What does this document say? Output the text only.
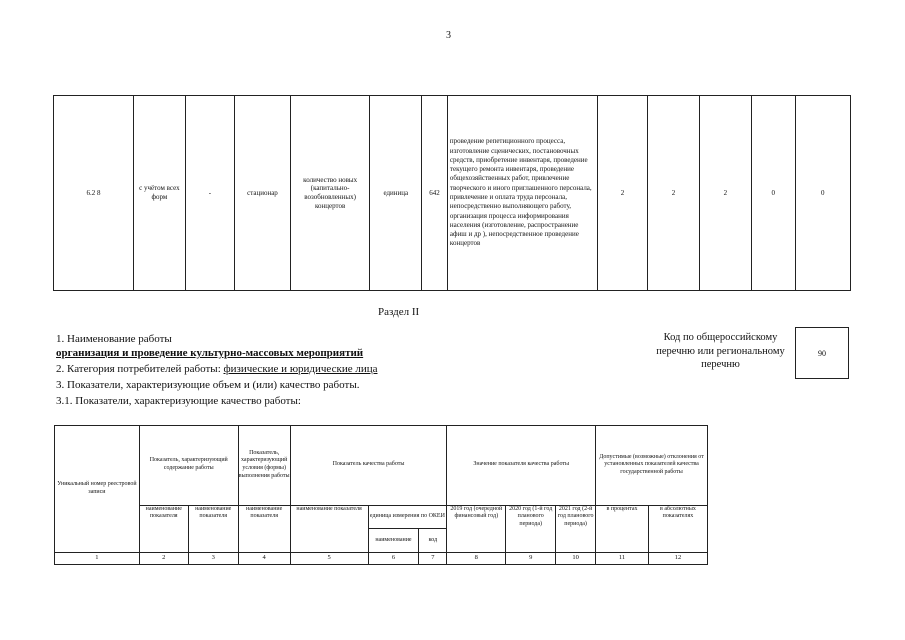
3
6.2 8	с учётом всех форм	-	стационар	количество новых (капитально-возобновленных) концертов	единица	642	проведение репетиционного процесса, изготовление сценических, постановочных средств, приобретение инвентаря, проведение текущего ремонта инвентаря, проведение общехозяйственных работ, привлечение творческого и иного приглашенного персонала, привлечение и оплата труда персонала, непосредственно выполняющего работу, организация процесса информирования населения (изготовление, распространение афиш и др ), непосредственное проведение концертов	2	2	2	0	0
Раздел II
1. Наименование работы
организация и проведение культурно-массовых мероприятий
2. Категория потребителей работы: физические и юридические лица
3. Показатели, характеризующие объем и (или) качество работы.
3.1. Показатели, характеризующие качество работы:
Код по общероссийскому перечню или региональному перечню
90
Уникальный номер реестровой записи	Показатель, характеризующий содержание работы		Показатель, характеризующий условия (формы) выполнения работы	Показатель качества работы			Значение показателя качества работы			Допустимые (возможные) отклонения от установленных показателей качества государственной работы	
	наименование показателя	наименование показателя	наименование показателя	наименование показателя	единица измерения по ОКЕИ		2019 год (очередной финансовый год)	2020 год (1-й год планового периода)	2021 год (2-й год планового периода)	в процентах	в абсолютных показателях
					наименование	код					
1	2	3	4	5	6	7	8	9	10	11	12
